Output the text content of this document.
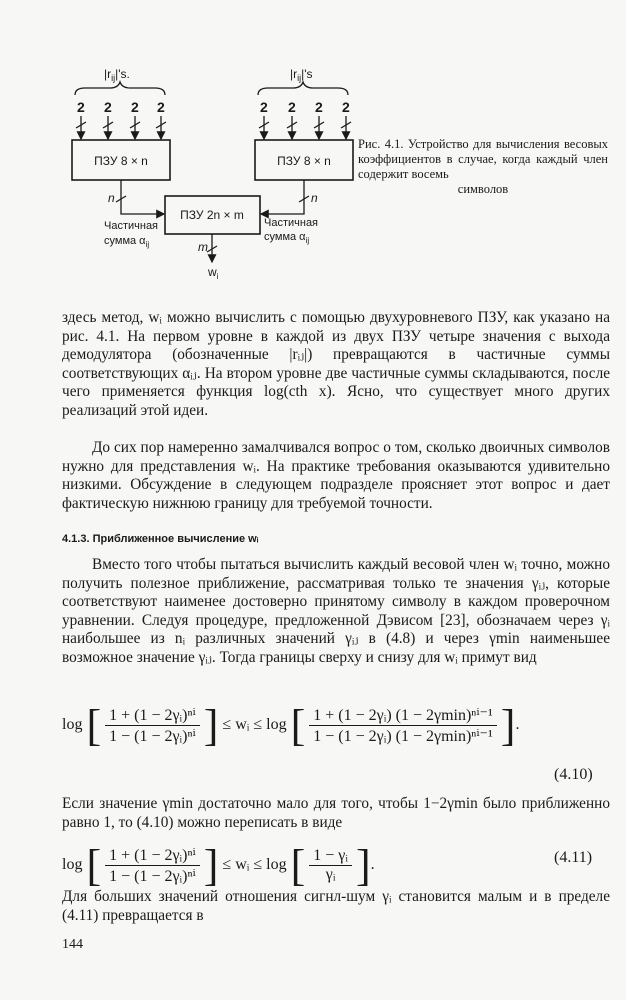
$|r_{ij}|'s$.	$|r_{ij}|'s$
2 2 2 2	2 2 2 2
ПЗУ 8 × n	ПЗУ 8 × n
ПЗУ 2n × m
n	n
m
Частичная
сумма $\alpha_{ij}$
Частичная
сумма $\alpha_{ij}$
$w_i$
Рис. 4.1. Устройство для вычисления весовых коэффициентов в случае, когда каждый член содержит восемь
символов
здесь метод, wᵢ можно вычислить с помощью двухуровневого ПЗУ, как указано на рис. 4.1. На первом уровне в каждой из двух ПЗУ четыре значения с выхода демодулятора (обозначенные |rᵢⱼ|) превращаются в частичные суммы соответствующих αᵢⱼ. На втором уровне две частичные суммы складываются, после чего применяется функция log(cth x). Ясно, что существует много других реализаций этой идеи.
До сих пор намеренно замалчивался вопрос о том, сколько двоичных символов нужно для представления wᵢ. На практике требования оказываются удивительно низкими. Обсуждение в следующем подразделе проясняет этот вопрос и дает фактическую нижнюю границу для требуемой точности.
4.1.3. Приближенное вычисление wᵢ
Вместо того чтобы пытаться вычислить каждый весовой член wᵢ точно, можно получить полезное приближение, рассматривая только те значения γᵢⱼ, которые соответствуют наименее достоверно принятому символу в каждом проверочном уравнении. Следуя процедуре, предложенной Дэвисом [23], обозначаем через γᵢ наибольшее из nᵢ различных значений γᵢⱼ в (4.8) и через γmin наименьшее возможное значение γᵢⱼ. Тогда границы сверху и снизу для wᵢ примут вид
log [ $\frac{\text{1 + (1 − 2γᵢ)ⁿⁱ}}{\text{1 − (1 − 2γᵢ)ⁿⁱ}}$ ] ≤ wᵢ ≤ log [ $\frac{\text{1 + (1 − 2γᵢ) (1 − 2γmin)ⁿⁱ⁻¹}}{\text{1 − (1 − 2γᵢ) (1 − 2γmin)ⁿⁱ⁻¹}}$ ].
(4.10)
Если значение γmin достаточно мало для того, чтобы 1−2γmin было приближенно равно 1, то (4.10) можно переписать в виде
log [ $\frac{\text{1 + (1 − 2γᵢ)ⁿⁱ}}{\text{1 − (1 − 2γᵢ)ⁿⁱ}}$ ] ≤ wᵢ ≤ log [ $\frac{\text{1 − γᵢ}}{\text{γᵢ}}$ ].	(4.11)
Для больших значений отношения сигнл-шум γᵢ становится малым и в пределе (4.11) превращается в
144
